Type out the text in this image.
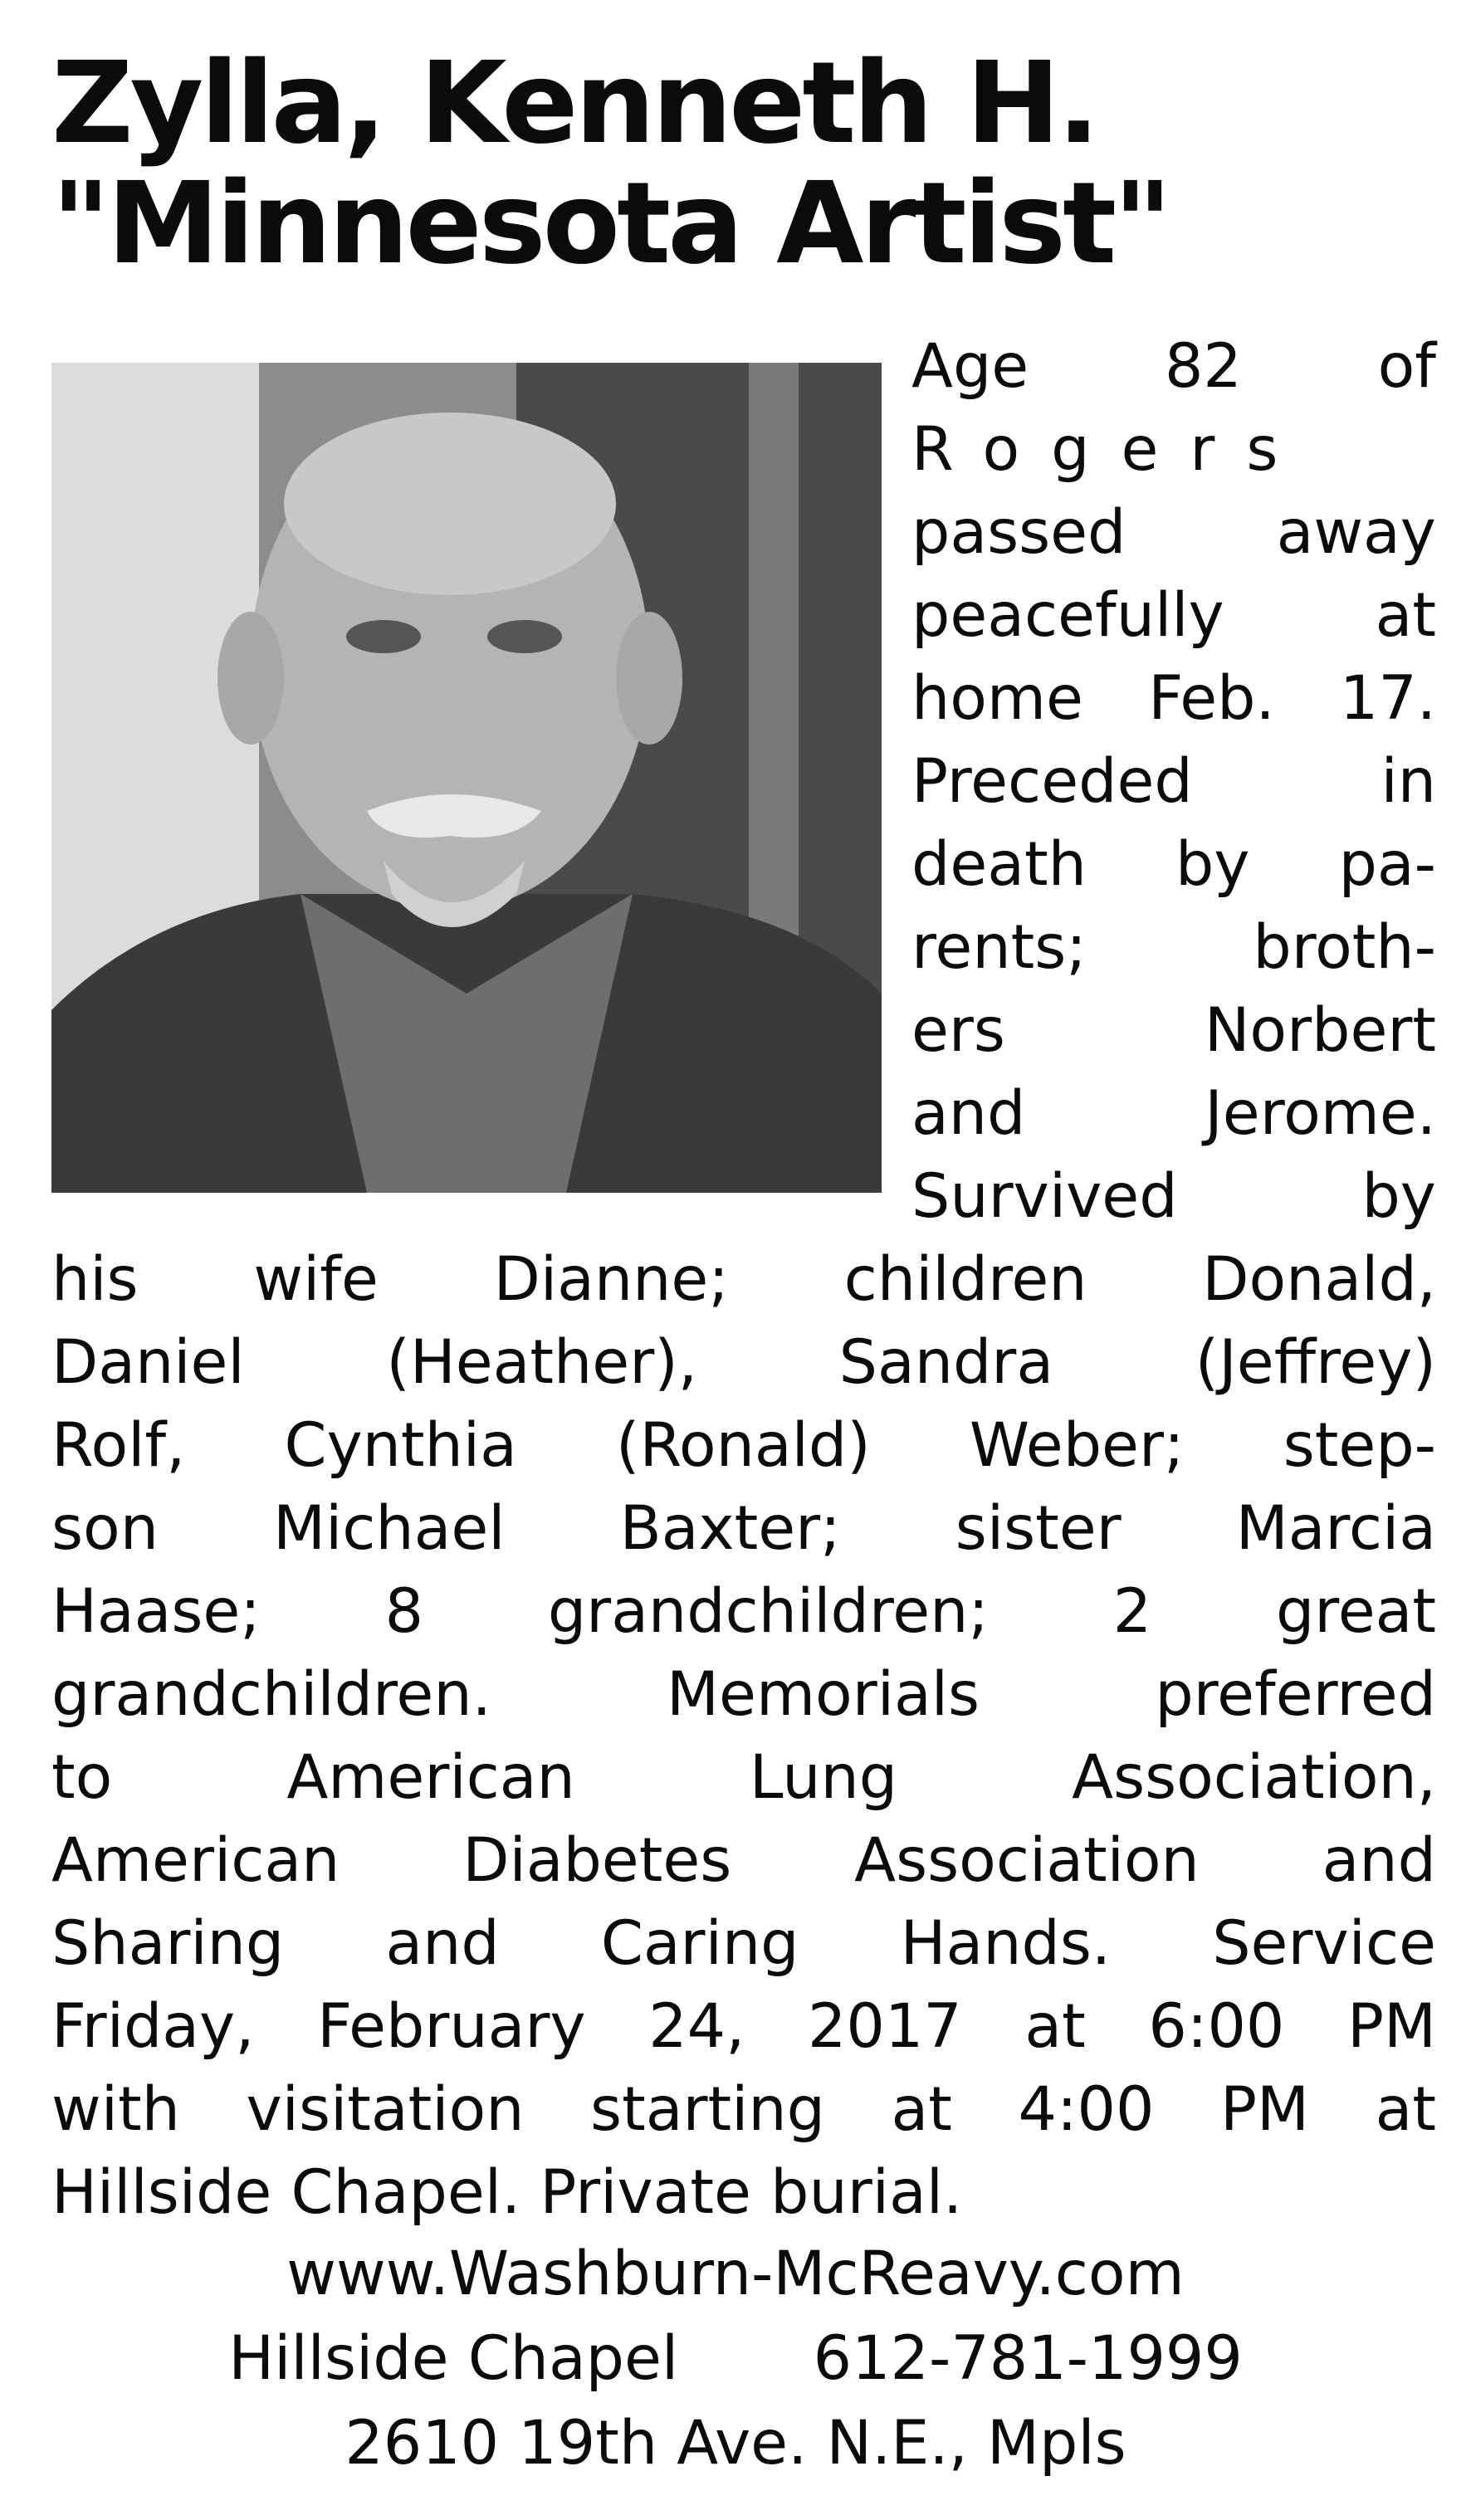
Zylla, Kenneth H.
"Minnesota Artist"
Age 82 of
Rogers
passed away
peacefully at
home Feb. 17.
Preceded in
death by pa-
rents; broth-
ers Norbert
and Jerome.
Survived by
his wife Dianne; children Donald,
Daniel (Heather), Sandra (Jeffrey)
Rolf, Cynthia (Ronald) Weber; step-
son Michael Baxter; sister Marcia
Haase; 8 grandchildren; 2 great
grandchildren. Memorials preferred
to American Lung Association,
American Diabetes Association and
Sharing and Caring Hands. Service
Friday, February 24, 2017 at 6:00 PM
with visitation starting at 4:00 PM at
Hillside Chapel. Private burial.
www.Washburn-McReavy.com
Hillside Chapel       612-781-1999
2610 19th Ave. N.E., Mpls
